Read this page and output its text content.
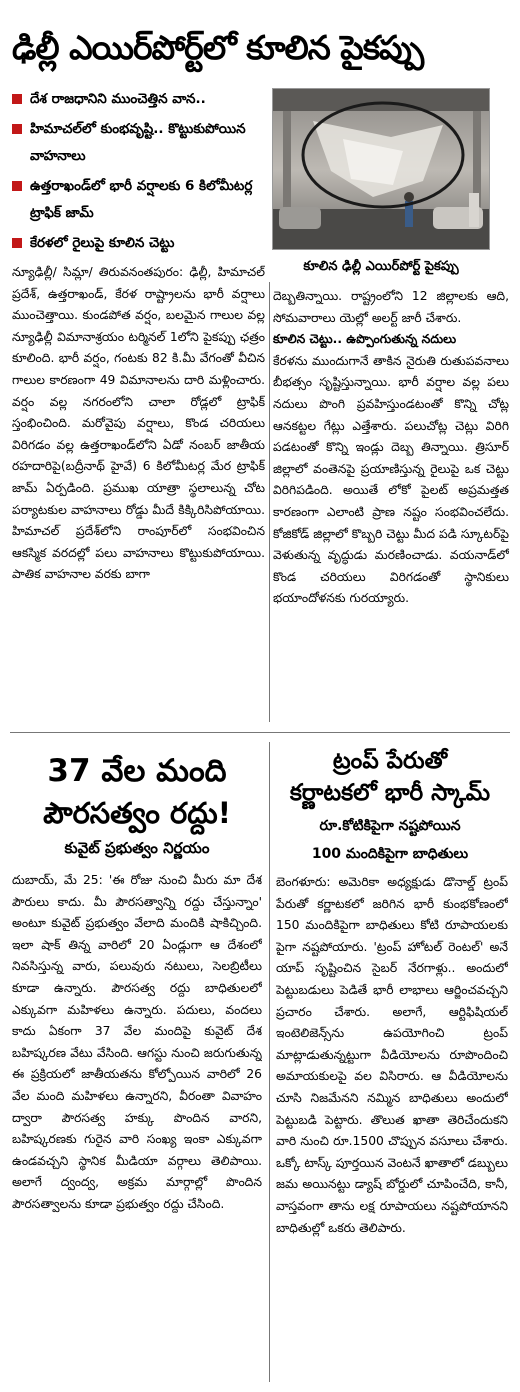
ఢిల్లీ ఎయిర్‌పోర్ట్‌లో కూలిన పైకప్పు
దేశ రాజధానిని ముంచెత్తిన వాన..
హిమాచల్‌లో కుంభవృష్టి.. కొట్టుకుపోయిన వాహనాలు
ఉత్తరాఖండ్‌లో భారీ వర్షాలకు 6 కిలోమీటర్ల ట్రాఫిక్ జామ్
కేరళలో రైలుపై కూలిన చెట్టు
కూలిన ఢిల్లీ ఎయిర్‌పోర్ట్ పైకప్పు

న్యూఢిల్లీ/ సిమ్లా/ తిరువనంతపురం: ఢిల్లీ, హిమాచల్ ప్రదేశ్, ఉత్తరాఖండ్, కేరళ రాష్ట్రాలను భారీ వర్షాలు ముంచెత్తాయి. కుండపోత వర్షం, బలమైన గాలుల వల్ల న్యూఢిల్లీ విమానాశ్రయం టర్మినల్ 1లోని పైకప్పు ఛత్రం కూలింది. భారీ వర్షం, గంటకు 82 కి.మీ వేగంతో వీచిన గాలుల కారణంగా 49 విమానాలను దారి మళ్లించారు. వర్షం వల్ల నగరంలోని చాలా రోడ్లలో ట్రాఫిక్ స్తంభించింది. మరోవైపు వర్షాలు, కొండ చరియలు విరిగడం వల్ల ఉత్తరాఖండ్‌లోని ఏడో నంబర్ జాతీయ రహదారిపై(బద్రీనాథ్ హైవే) 6 కిలోమీటర్ల మేర ట్రాఫిక్ జామ్ ఏర్పడింది. ప్రముఖ యాత్రా స్థలాలున్న చోట పర్యాటకుల వాహనాలు రోడ్డు మీదే కిక్కిరిసిపోయాయి. హిమాచల్ ప్రదేశ్‌లోని రాంపూర్‌లో సంభవించిన ఆకస్మిక వరదల్లో పలు వాహనాలు కొట్టుకుపోయాయి. పాతిక వాహనాల వరకు బాగా

దెబ్బతిన్నాయి. రాష్ట్రంలోని 12 జిల్లాలకు ఆది, సోమవారాలు యెల్లో అలర్ట్ జారీ చేశారు.

కూలిన చెట్టు.. ఉప్పొంగుతున్న నదులు

కేరళను ముందుగానే తాకిన నైరుతి రుతుపవనాలు బీభత్సం సృష్టిస్తున్నాయి. భారీ వర్షాల వల్ల పలు నదులు పొంగి ప్రవహిస్తుండటంతో కొన్ని చోట్ల ఆనకట్టల గేట్లు ఎత్తేశారు. పలుచోట్ల చెట్లు విరిగి పడటంతో కొన్ని ఇండ్లు దెబ్బ తిన్నాయి. త్రిసూర్ జిల్లాలో వంతెనపై ప్రయాణిస్తున్న రైలుపై ఒక చెట్టు విరిగిపడింది. అయితే లోకో పైలట్ అప్రమత్తత కారణంగా ఎలాంటి ప్రాణ నష్టం సంభవించలేదు. కోజికోడ్ జిల్లాలో కొబ్బరి చెట్టు మీద పడి స్కూటర్‌పై వెళుతున్న వృద్ధుడు మరణించాడు. వయనాడ్‌లో కొండ చరియలు విరిగడంతో స్థానికులు భయాందోళనకు గురయ్యారు.

37 వేల మంది
పౌరసత్వం రద్దు!
కువైట్ ప్రభుత్వం నిర్ణయం

దుబాయ్, మే 25: 'ఈ రోజు నుంచి మీరు మా దేశ పౌరులు కాదు. మీ పౌరసత్వాన్ని రద్దు చేస్తున్నాం' అంటూ కువైట్ ప్రభుత్వం వేలాది మందికి షాకిచ్చింది. ఇలా షాక్ తిన్న వారిలో 20 ఏండ్లుగా ఆ దేశంలో నివసిస్తున్న వారు, పలువురు నటులు, సెలబ్రిటీలు కూడా ఉన్నారు. పౌరసత్వ రద్దు బాధితులలో ఎక్కువగా మహిళలు ఉన్నారు. పదులు, వందలు కాదు ఏకంగా 37 వేల మందిపై కువైట్ దేశ బహిష్కరణ వేటు వేసింది. ఆగస్టు నుంచి జరుగుతున్న ఈ ప్రక్రియలో జాతీయతను కోల్పోయిన వారిలో 26 వేల మంది మహిళలు ఉన్నారని, వీరంతా వివాహం ద్వారా పౌరసత్వ హక్కు పొందిన వారని, బహిష్కరణకు గురైన వారి సంఖ్య ఇంకా ఎక్కువగా ఉండవచ్చని స్థానిక మీడియా వర్గాలు తెలిపాయి. అలాగే ద్వంద్వ, అక్రమ మార్గాల్లో పొందిన పౌరసత్వాలను కూడా ప్రభుత్వం రద్దు చేసింది.

ట్రంప్ పేరుతో
కర్ణాటకలో భారీ స్కామ్
రూ.కోటికిపైగా నష్టపోయిన
100 మందికిపైగా బాధితులు

బెంగళూరు: అమెరికా అధ్యక్షుడు డొనాల్డ్ ట్రంప్ పేరుతో కర్ణాటకలో జరిగిన భారీ కుంభకోణంలో 150 మందికిపైగా బాధితులు కోటి రూపాయలకు పైగా నష్టపోయారు. 'ట్రంప్ హోటల్ రెంటల్' అనే యాప్ సృష్టించిన సైబర్ నేరగాళ్లు.. అందులో పెట్టుబడులు పెడితే భారీ లాభాలు ఆర్జించవచ్చని ప్రచారం చేశారు. అలాగే, ఆర్టిఫిషియల్ ఇంటెలిజెన్స్‌ను ఉపయోగించి ట్రంప్ మాట్లాడుతున్నట్టుగా వీడియోలను రూపొందించి అమాయకులపై వల విసిరారు. ఆ వీడియోలను చూసి నిజమేనని నమ్మిన బాధితులు అందులో పెట్టుబడి పెట్టారు. తొలుత ఖాతా తెరిచేందుకని వారి నుంచి రూ.1500 చొప్పున వసూలు చేశారు. ఒక్కో టాస్క్ పూర్తయిన వెంటనే ఖాతాలో డబ్బులు జమ అయినట్టు డ్యాష్ బోర్డులో చూపించేది, కానీ, వాస్తవంగా తాను లక్ష రూపాయలు నష్టపోయానని బాధితుల్లో ఒకరు తెలిపారు.
